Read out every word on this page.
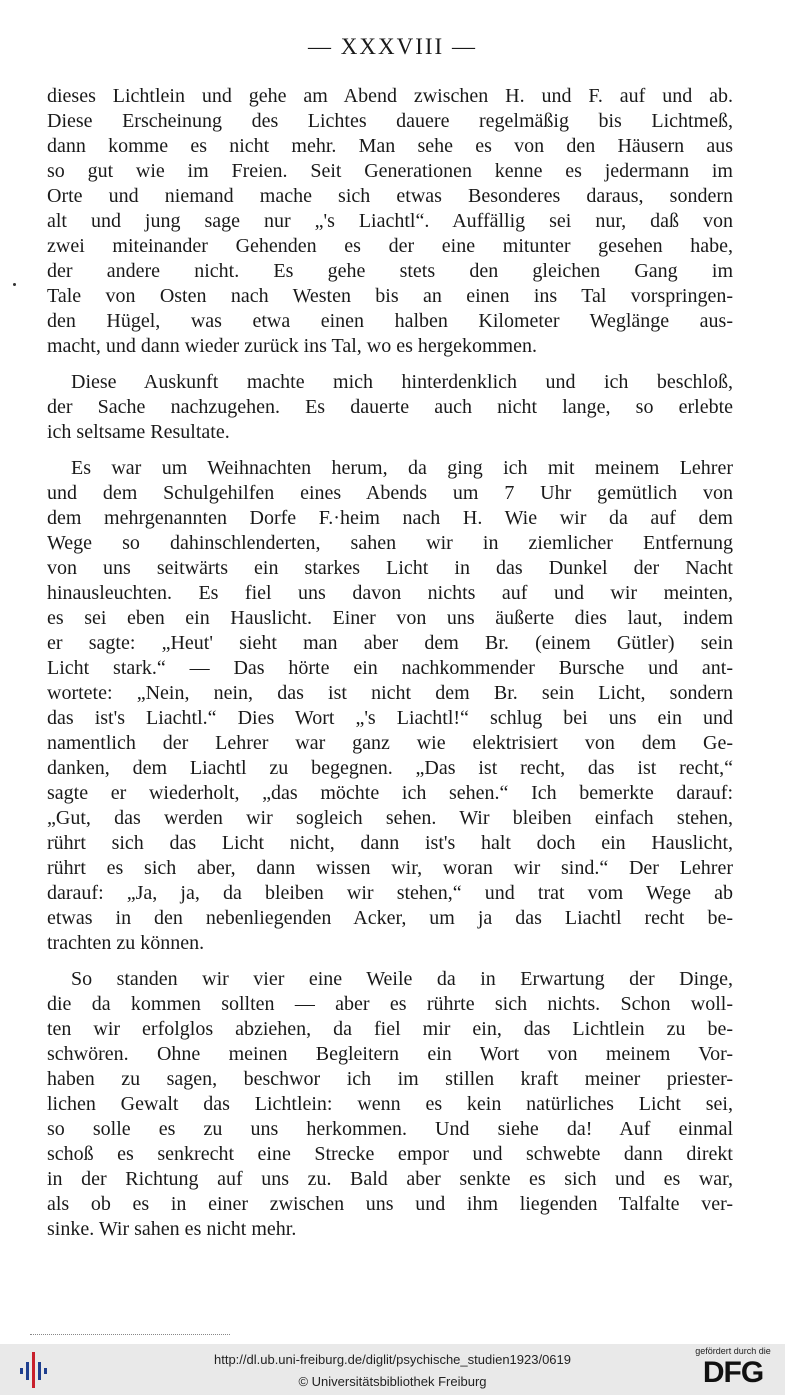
— XXXVIII —
dieses Lichtlein und gehe am Abend zwischen H. und F. auf und ab.
Diese Erscheinung des Lichtes dauere regelmäßig bis Lichtmeß,
dann komme es nicht mehr. Man sehe es von den Häusern aus
so gut wie im Freien. Seit Generationen kenne es jedermann im
Orte und niemand mache sich etwas Besonderes daraus, sondern
alt und jung sage nur „'s Liachtl“. Auffällig sei nur, daß von
zwei miteinander Gehenden es der eine mitunter gesehen habe,
der andere nicht. Es gehe stets den gleichen Gang im
Tale von Osten nach Westen bis an einen ins Tal vorspringen-
den Hügel, was etwa einen halben Kilometer Weglänge aus-
macht, und dann wieder zurück ins Tal, wo es hergekommen.
Diese Auskunft machte mich hinterdenklich und ich beschloß,
der Sache nachzugehen. Es dauerte auch nicht lange, so erlebte
ich seltsame Resultate.
Es war um Weihnachten herum, da ging ich mit meinem Lehrer
und dem Schulgehilfen eines Abends um 7 Uhr gemütlich von
dem mehrgenannten Dorfe F.·heim nach H. Wie wir da auf dem
Wege so dahinschlenderten, sahen wir in ziemlicher Entfernung
von uns seitwärts ein starkes Licht in das Dunkel der Nacht
hinausleuchten. Es fiel uns davon nichts auf und wir meinten,
es sei eben ein Hauslicht. Einer von uns äußerte dies laut, indem
er sagte: „Heut' sieht man aber dem Br. (einem Gütler) sein
Licht stark.“ — Das hörte ein nachkommender Bursche und ant-
wortete: „Nein, nein, das ist nicht dem Br. sein Licht, sondern
das ist's Liachtl.“ Dies Wort „'s Liachtl!“ schlug bei uns ein und
namentlich der Lehrer war ganz wie elektrisiert von dem Ge-
danken, dem Liachtl zu begegnen. „Das ist recht, das ist recht,“
sagte er wiederholt, „das möchte ich sehen.“ Ich bemerkte darauf:
„Gut, das werden wir sogleich sehen. Wir bleiben einfach stehen,
rührt sich das Licht nicht, dann ist's halt doch ein Hauslicht,
rührt es sich aber, dann wissen wir, woran wir sind.“ Der Lehrer
darauf: „Ja, ja, da bleiben wir stehen,“ und trat vom Wege ab
etwas in den nebenliegenden Acker, um ja das Liachtl recht be-
trachten zu können.
So standen wir vier eine Weile da in Erwartung der Dinge,
die da kommen sollten — aber es rührte sich nichts. Schon woll-
ten wir erfolglos abziehen, da fiel mir ein, das Lichtlein zu be-
schwören. Ohne meinen Begleitern ein Wort von meinem Vor-
haben zu sagen, beschwor ich im stillen kraft meiner priester-
lichen Gewalt das Lichtlein: wenn es kein natürliches Licht sei,
so solle es zu uns herkommen. Und siehe da! Auf einmal
schoß es senkrecht eine Strecke empor und schwebte dann direkt
in der Richtung auf uns zu. Bald aber senkte es sich und es war,
als ob es in einer zwischen uns und ihm liegenden Talfalte ver-
sinke. Wir sahen es nicht mehr.
http://dl.ub.uni-freiburg.de/diglit/psychische_studien1923/0619
© Universitätsbibliothek Freiburg
gefördert durch die
DFG
